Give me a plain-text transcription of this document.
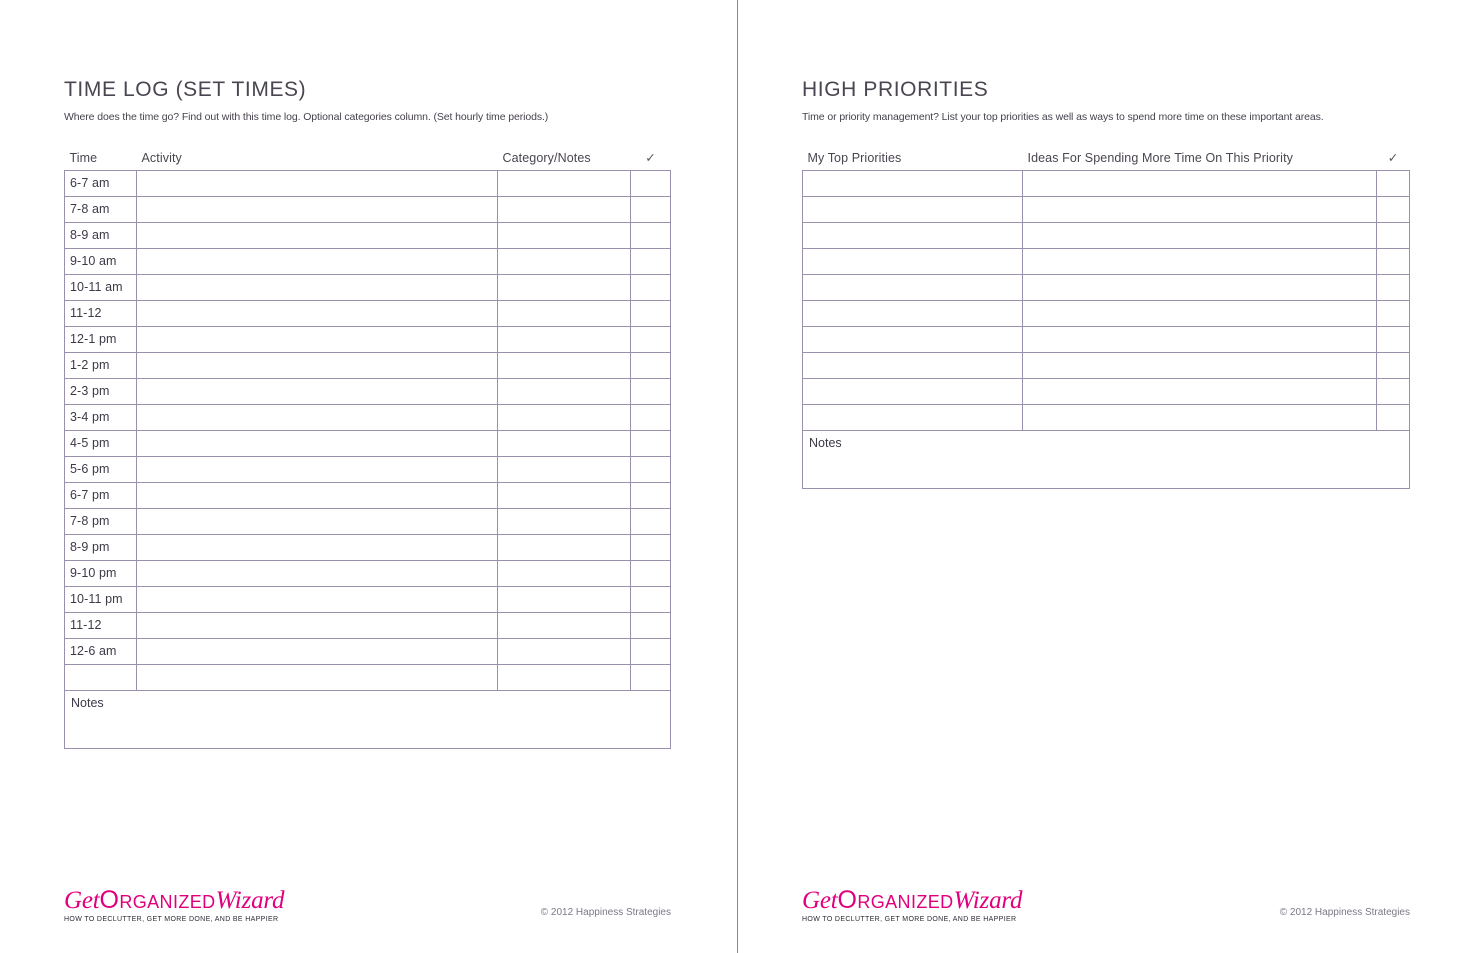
TIME LOG (SET TIMES)

Where does the time go? Find out with this time log. Optional categories column. (Set hourly time periods.)

Time	Activity	Category/Notes	✓
6-7 am			
7-8 am			
8-9 am			
9-10 am			
10-11 am			
11-12			
12-1 pm			
1-2 pm			
2-3 pm			
3-4 pm			
4-5 pm			
5-6 pm			
6-7 pm			
7-8 pm			
8-9 pm			
9-10 pm			
10-11 pm			
11-12			
12-6 am			

Notes
GetOrganizedWizard
HOW TO DECLUTTER, GET MORE DONE, AND BE HAPPIER
© 2012 Happiness Strategies
HIGH PRIORITIES

Time or priority management? List your top priorities as well as ways to spend more time on these important areas.

My Top Priorities	Ideas For Spending More Time On This Priority	✓

Notes
GetOrganizedWizard
HOW TO DECLUTTER, GET MORE DONE, AND BE HAPPIER
© 2012 Happiness Strategies
